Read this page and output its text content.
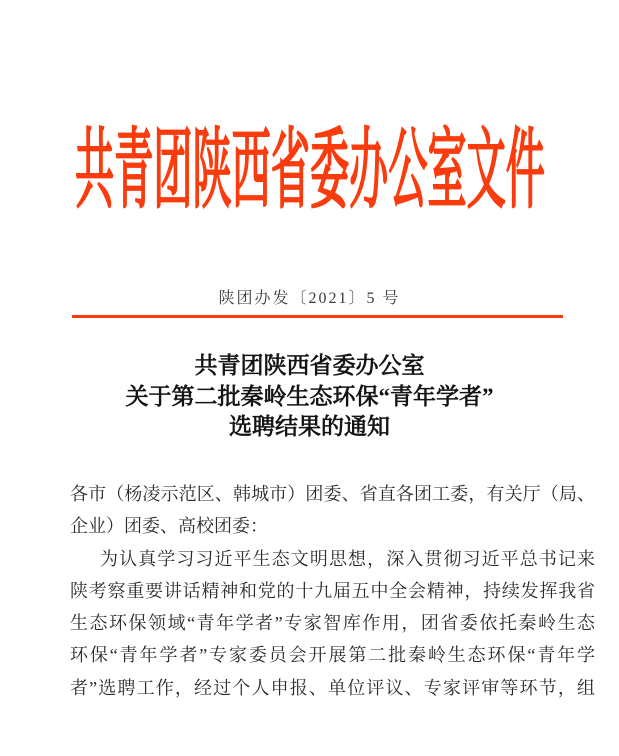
共青团陕西省委办公室文件
陕团办发〔2021〕5 号
共青团陕西省委办公室
关于第二批秦岭生态环保“青年学者”
选聘结果的通知
各市（杨凌示范区、韩城市）团委、省直各团工委，有关厅（局、
企业）团委、高校团委：
为认真学习习近平生态文明思想，深入贯彻习近平总书记来
陕考察重要讲话精神和党的十九届五中全会精神，持续发挥我省
生态环保领域“青年学者”专家智库作用，团省委依托秦岭生态
环保“青年学者”专家委员会开展第二批秦岭生态环保“青年学
者”选聘工作，经过个人申报、单位评议、专家评审等环节，组
